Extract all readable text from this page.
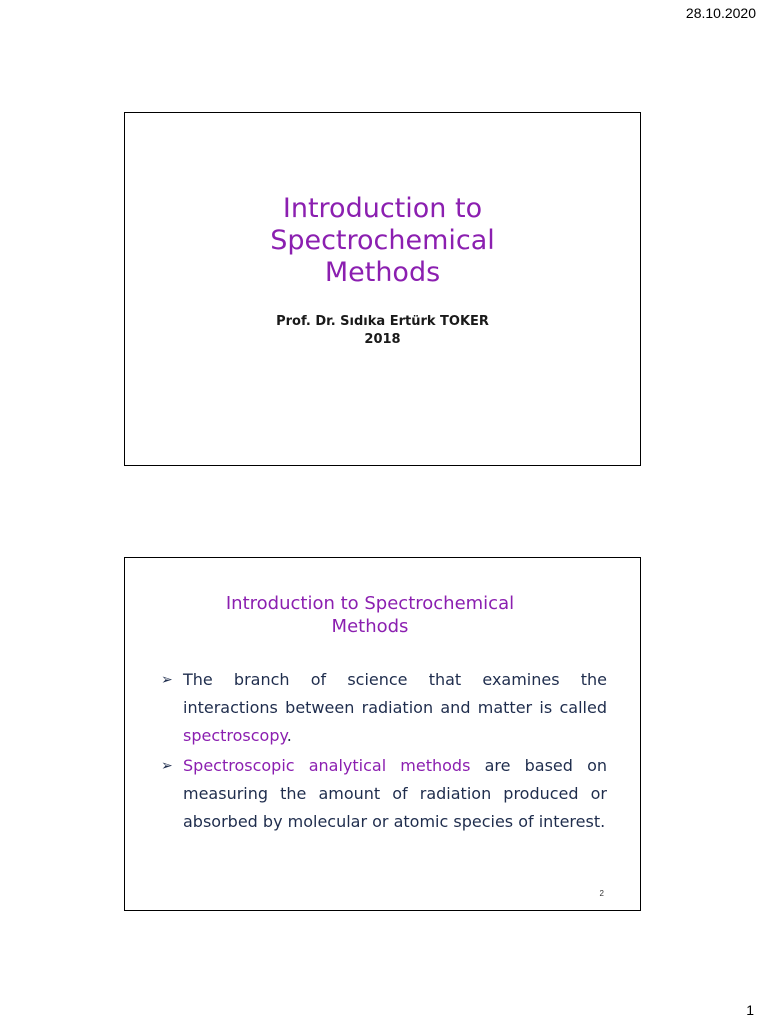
28.10.2020
Introduction to
Spectrochemical
Methods
Prof. Dr. Sıdıka Ertürk TOKER
2018
Introduction to Spectrochemical
Methods
➢ The branch of science that examines the interactions between radiation and matter is called spectroscopy.
➢ Spectroscopic analytical methods are based on measuring the amount of radiation produced or absorbed by molecular or atomic species of interest.
2
1
